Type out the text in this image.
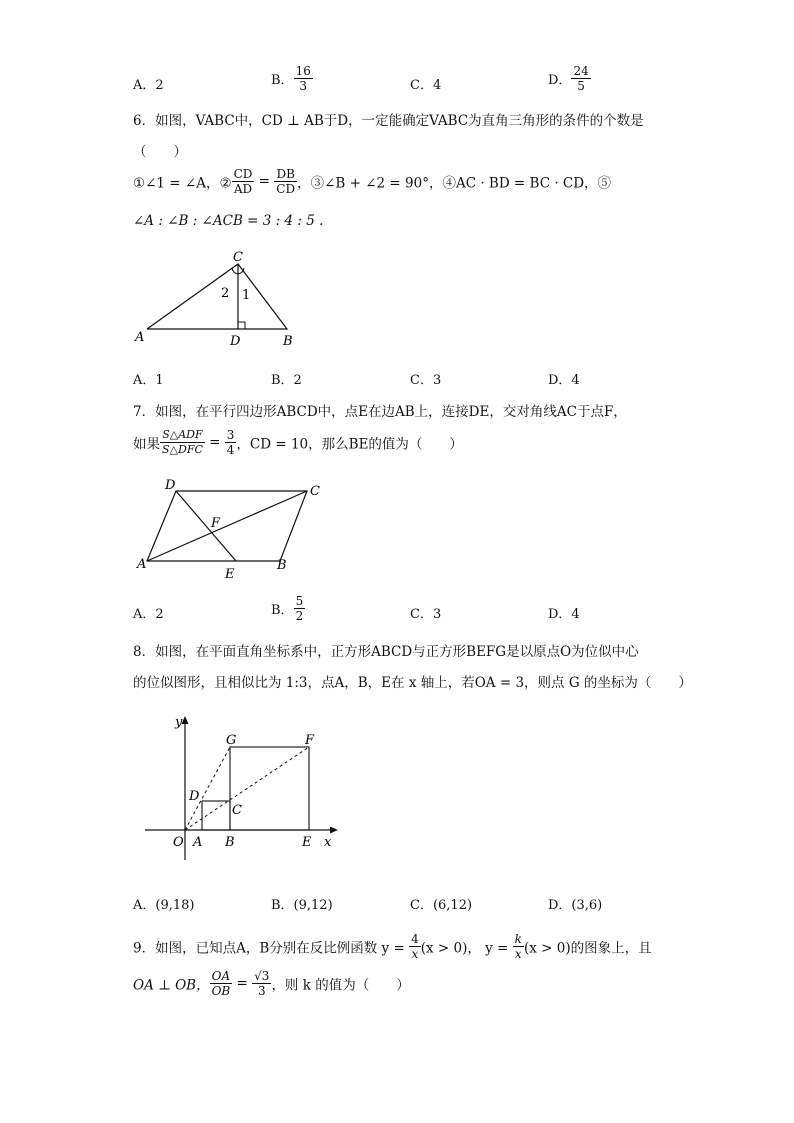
A．2	B． $\frac{16}{3}$	C．4	D． $\frac{24}{5}$
6．如图，VABC中，CD ⊥ AB于D，一定能确定VABC为直角三角形的条件的个数是
（　　）
①∠1 = ∠A，② $\frac{CD}{AD} = \frac{DB}{CD}$ ，③∠B + ∠2 = 90°，④AC · BD = BC · CD，⑤
∠A : ∠B : ∠ACB = 3 : 4 : 5 .
C
A	D	B
2 1
A．1	B．2	C．3	D．4
7．如图，在平行四边形ABCD中，点E在边AB上，连接DE，交对角线AC于点F，
如果 $\frac{\text{S△ADF}}{\text{S△DFC}} = \frac{3}{4}$ ，CD = 10，那么BE的值为（　　）
D	C
A
E
B
F
A．2	B． $\frac{5}{2}$	C．3	D．4
8．如图，在平面直角坐标系中，正方形ABCD与正方形BEFG是以原点O为位似中心
的位似图形，且相似比为 1:3，点A，B，E在 x 轴上，若OA = 3，则点 G 的坐标为（　　）
y
x
O A B	E
D
C
G	F
A．(9,18)	B．(9,12)	C．(6,12)	D．(3,6)
9．如图，已知点A，B分别在反比例函数 $y = \frac{4}{x} (x > 0)$， $y = \frac{k}{x} (x > 0)$的图象上，且
OA ⊥ OB， $\frac{OA}{OB} = \frac{√3}{3}$ ，则 k 的值为（　　）
